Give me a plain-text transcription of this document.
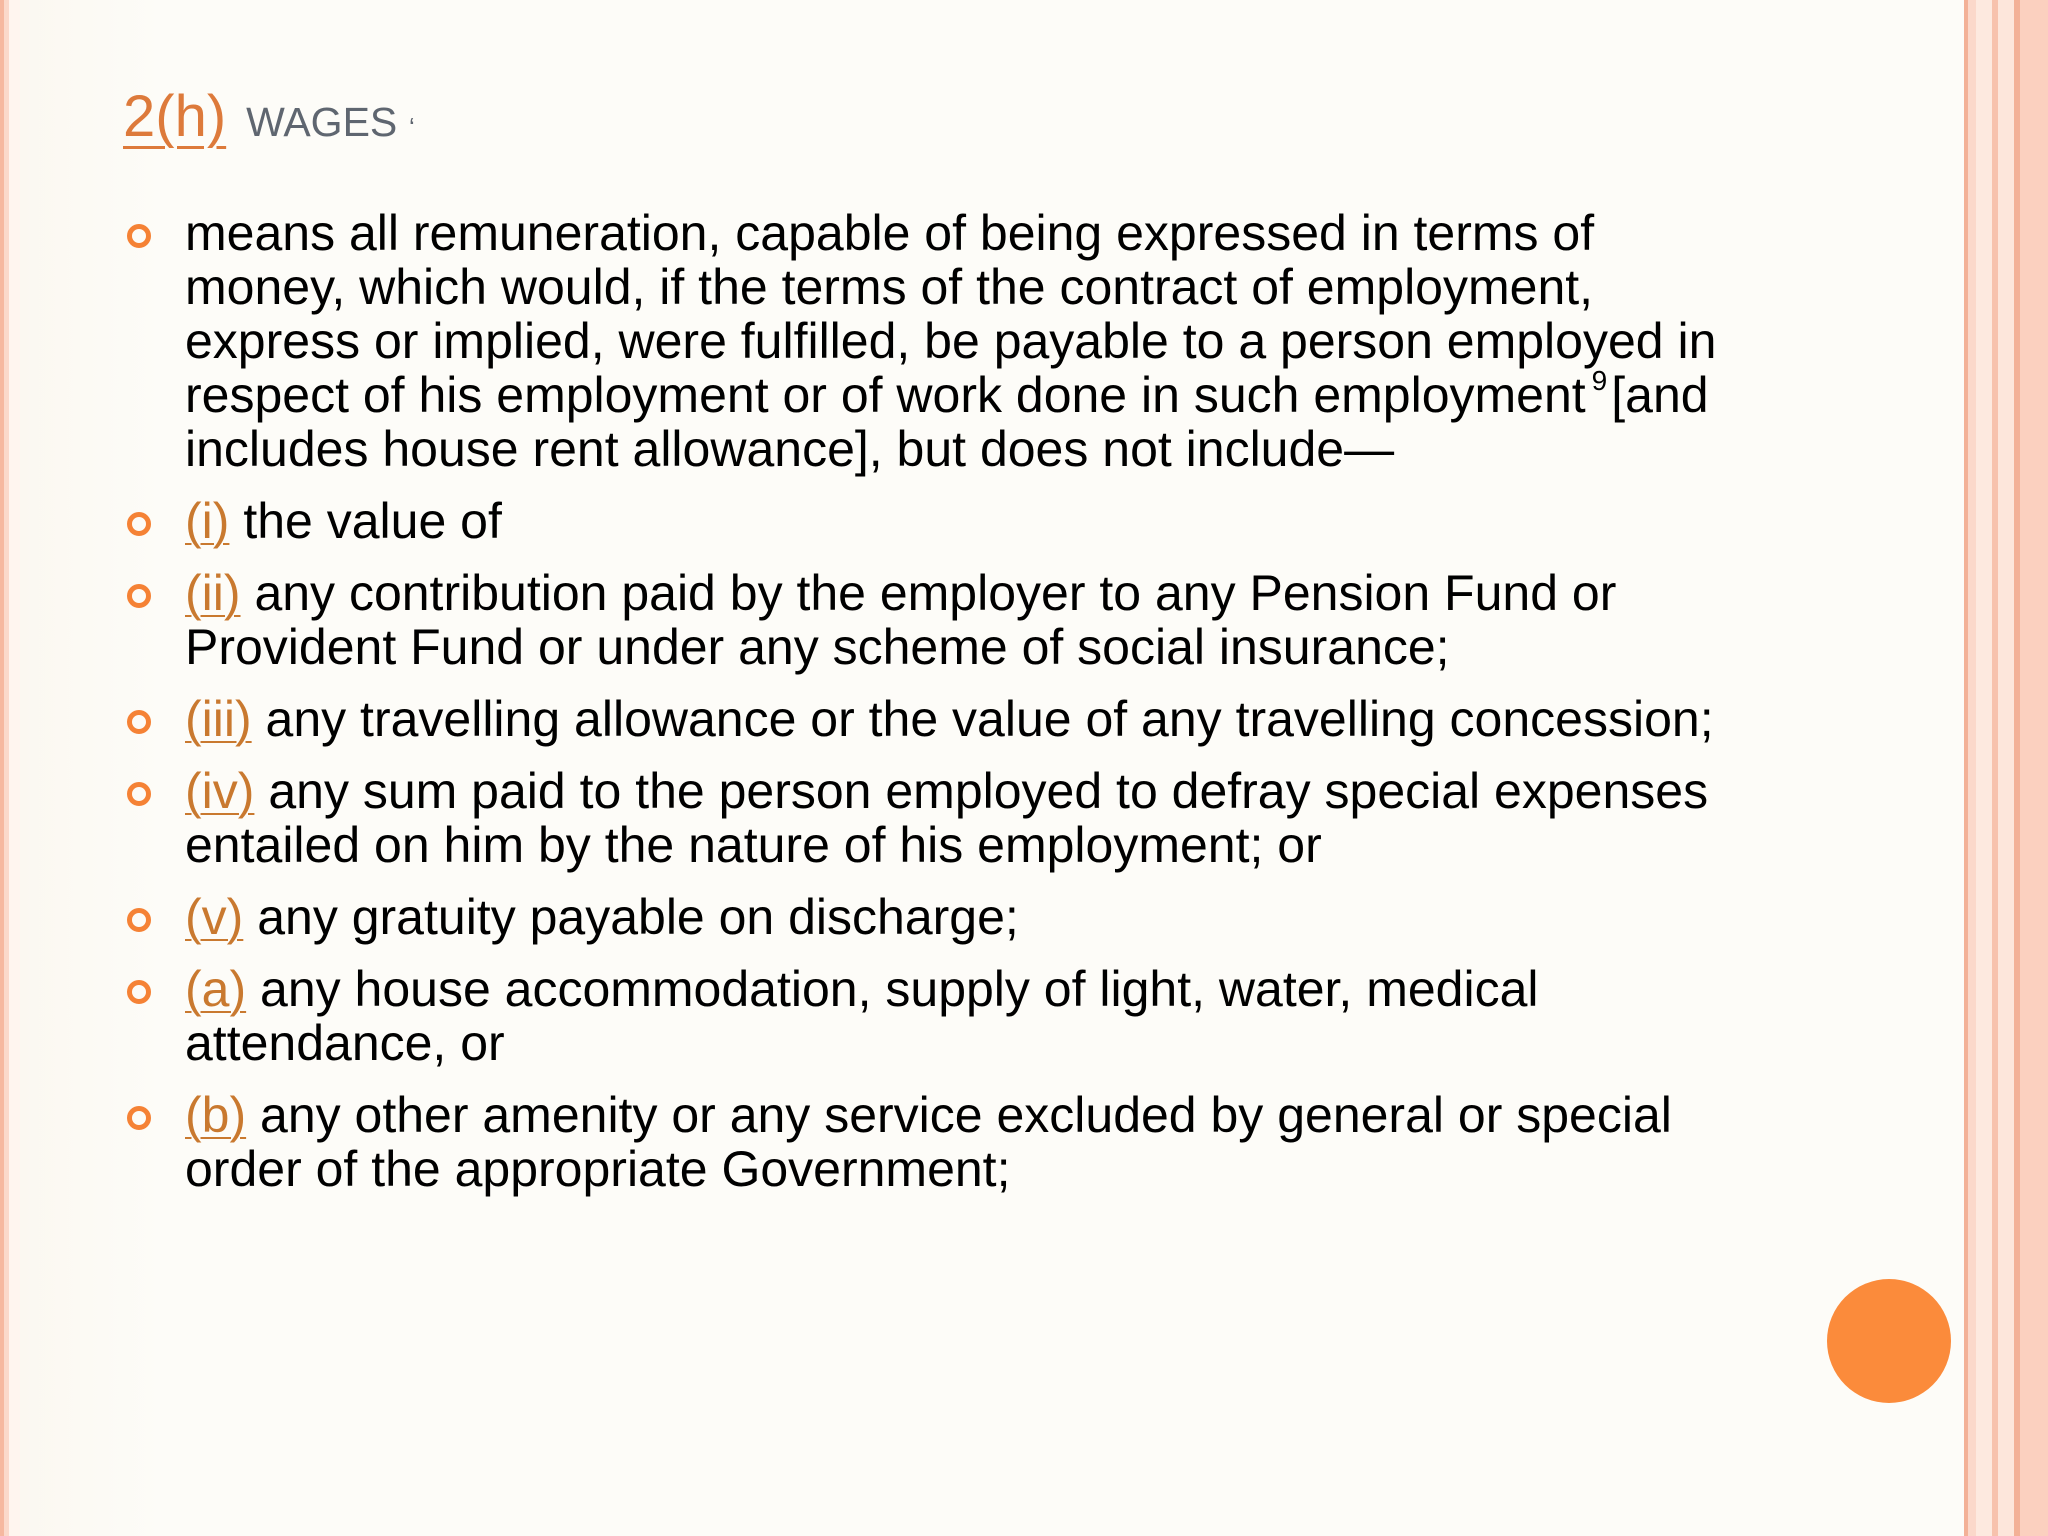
2(h) wages ‘
means all remuneration, capable of being expressed in terms of money, which would, if the terms of the contract of employment, express or implied, were fulfilled, be payable to a person employed in respect of his employment or of work done in such employment $^9$[and includes house rent allowance], but does not include—
(i) the value of
(ii) any contribution paid by the employer to any Pension Fund or Provident Fund or under any scheme of social insurance;
(iii) any travelling allowance or the value of any travelling concession;
(iv) any sum paid to the person employed to defray special expenses entailed on him by the nature of his employment; or
(v) any gratuity payable on discharge;
(a) any house accommodation, supply of light, water, medical attendance, or
(b) any other amenity or any service excluded by general or special order of the appropriate Government;
